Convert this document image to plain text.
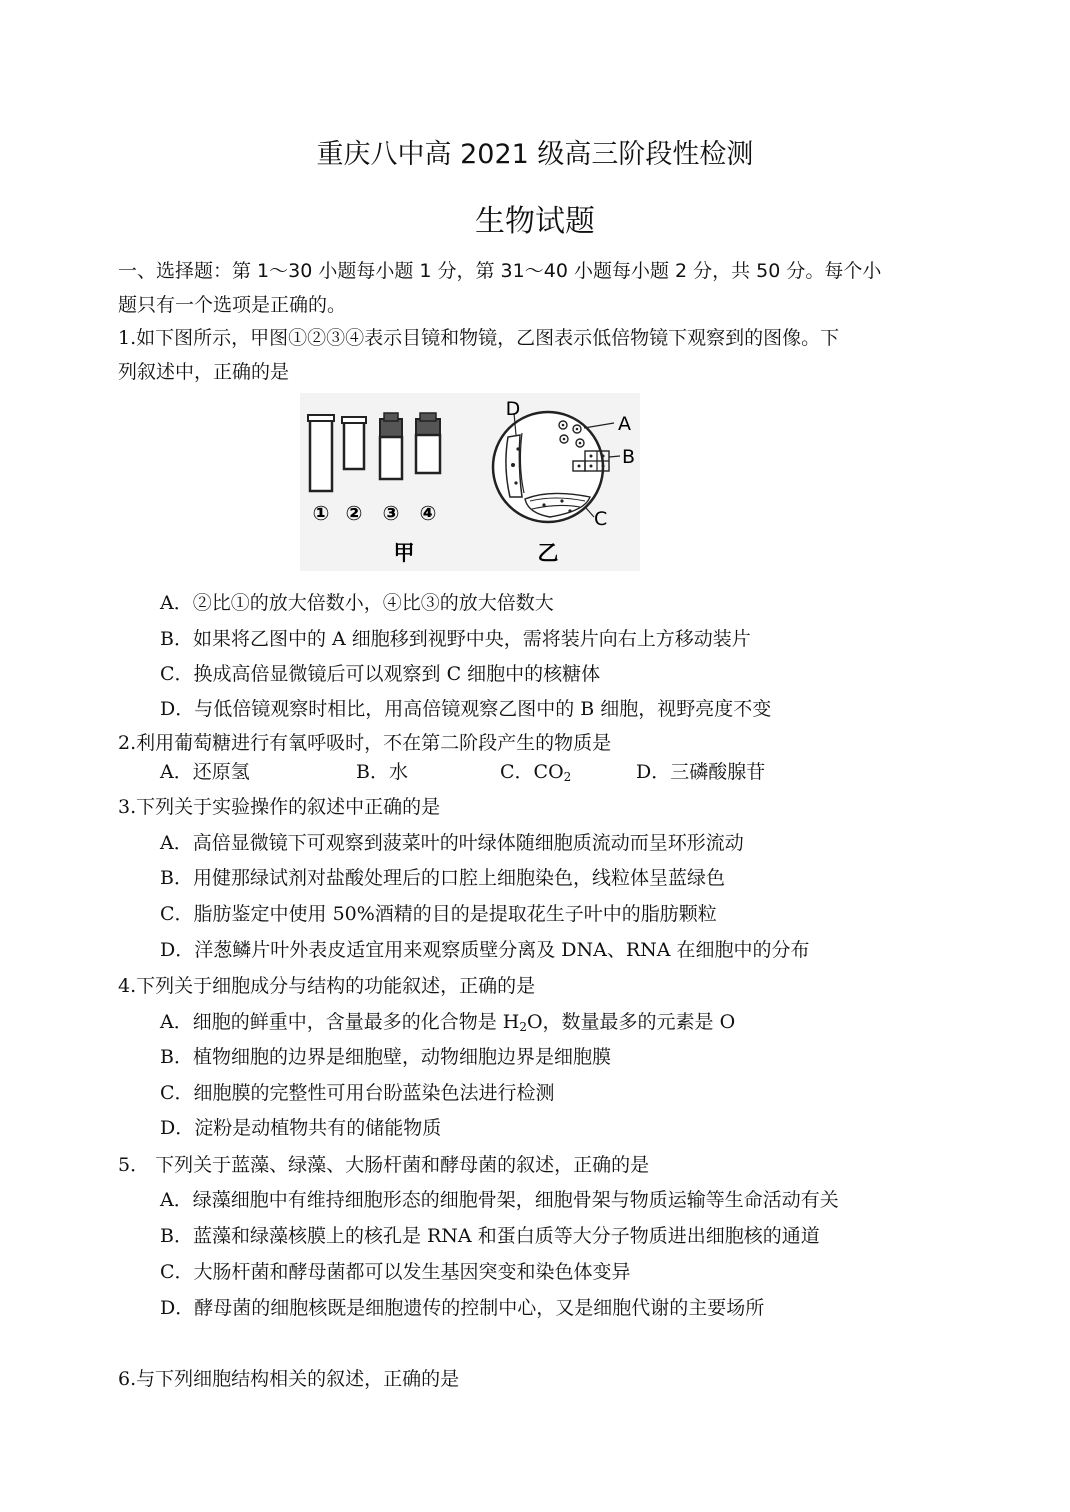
重庆八中高 2021 级高三阶段性检测
生物试题
一、选择题：第 1～30 小题每小题 1 分，第 31～40 小题每小题 2 分，共 50 分。每个小
题只有一个选项是正确的。
1.如下图所示，甲图①②③④表示目镜和物镜，乙图表示低倍物镜下观察到的图像。下
列叙述中，正确的是
① ② ③ ④
甲
D
A
B
C
乙
A．②比①的放大倍数小，④比③的放大倍数大
B．如果将乙图中的 A 细胞移到视野中央，需将装片向右上方移动装片
C．换成高倍显微镜后可以观察到 C 细胞中的核糖体
D．与低倍镜观察时相比，用高倍镜观察乙图中的 B 细胞，视野亮度不变
2.利用葡萄糖进行有氧呼吸时，不在第二阶段产生的物质是
A．还原氢	B．水	C．$CO_2$	D．三磷酸腺苷
3.下列关于实验操作的叙述中正确的是
A．高倍显微镜下可观察到菠菜叶的叶绿体随细胞质流动而呈环形流动
B．用健那绿试剂对盐酸处理后的口腔上细胞染色，线粒体呈蓝绿色
C．脂肪鉴定中使用 50%酒精的目的是提取花生子叶中的脂肪颗粒
D．洋葱鳞片叶外表皮适宜用来观察质壁分离及 DNA、RNA 在细胞中的分布
4.下列关于细胞成分与结构的功能叙述，正确的是
A．细胞的鲜重中，含量最多的化合物是 $H_2O$，数量最多的元素是 O
B．植物细胞的边界是细胞壁，动物细胞边界是细胞膜
C．细胞膜的完整性可用台盼蓝染色法进行检测
D．淀粉是动植物共有的储能物质
5． 下列关于蓝藻、绿藻、大肠杆菌和酵母菌的叙述，正确的是
A．绿藻细胞中有维持细胞形态的细胞骨架，细胞骨架与物质运输等生命活动有关
B．蓝藻和绿藻核膜上的核孔是 RNA 和蛋白质等大分子物质进出细胞核的通道
C．大肠杆菌和酵母菌都可以发生基因突变和染色体变异
D．酵母菌的细胞核既是细胞遗传的控制中心，又是细胞代谢的主要场所
6.与下列细胞结构相关的叙述，正确的是
